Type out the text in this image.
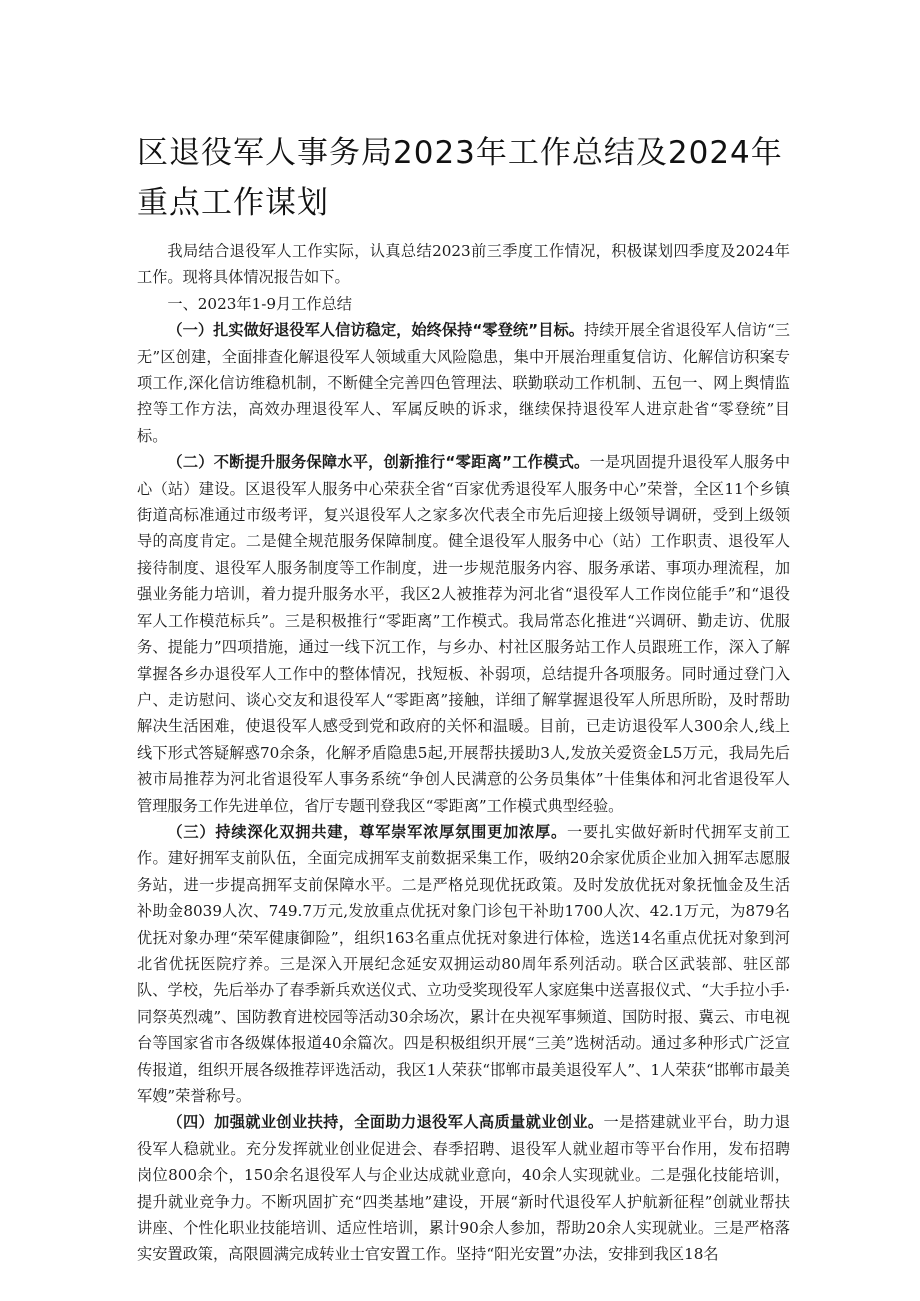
区退役军人事务局2023年工作总结及2024年重点工作谋划

我局结合退役军人工作实际，认真总结2023前三季度工作情况，积极谋划四季度及2024年工作。现将具体情况报告如下。

一、2023年1-9月工作总结

（一）扎实做好退役军人信访稳定，始终保持“零登统”目标。持续开展全省退役军人信访“三无”区创建，全面排查化解退役军人领域重大风险隐患，集中开展治理重复信访、化解信访积案专项工作,深化信访维稳机制，不断健全完善四色管理法、联勤联动工作机制、五包一、网上舆情监控等工作方法，高效办理退役军人、军属反映的诉求，继续保持退役军人进京赴省“零登统”目标。

（二）不断提升服务保障水平，创新推行“零距离”工作模式。一是巩固提升退役军人服务中心（站）建设。区退役军人服务中心荣获全省“百家优秀退役军人服务中心”荣誉，全区11个乡镇街道高标准通过市级考评，复兴退役军人之家多次代表全市先后迎接上级领导调研，受到上级领导的高度肯定。二是健全规范服务保障制度。健全退役军人服务中心（站）工作职责、退役军人接待制度、退役军人服务制度等工作制度，进一步规范服务内容、服务承诺、事项办理流程，加强业务能力培训，着力提升服务水平，我区2人被推荐为河北省“退役军人工作岗位能手”和“退役军人工作模范标兵”。三是积极推行“零距离”工作模式。我局常态化推进“兴调研、勤走访、优服务、提能力”四项措施，通过一线下沉工作，与乡办、村社区服务站工作人员跟班工作，深入了解掌握各乡办退役军人工作中的整体情况，找短板、补弱项，总结提升各项服务。同时通过登门入户、走访慰问、谈心交友和退役军人“零距离”接触，详细了解掌握退役军人所思所盼，及时帮助解决生活困难，使退役军人感受到党和政府的关怀和温暖。目前，已走访退役军人300余人,线上线下形式答疑解惑70余条，化解矛盾隐患5起,开展帮扶援助3人,发放关爱资金L5万元，我局先后被市局推荐为河北省退役军人事务系统“争创人民满意的公务员集体”十佳集体和河北省退役军人管理服务工作先进单位，省厅专题刊登我区“零距离”工作模式典型经验。

（三）持续深化双拥共建，尊军崇军浓厚氛围更加浓厚。一要扎实做好新时代拥军支前工作。建好拥军支前队伍，全面完成拥军支前数据采集工作，吸纳20余家优质企业加入拥军志愿服务站，进一步提高拥军支前保障水平。二是严格兑现优抚政策。及时发放优抚对象抚恤金及生活补助金8039人次、749.7万元,发放重点优抚对象门诊包干补助1700人次、42.1万元，为879名优抚对象办理“荣军健康御险”，组织163名重点优抚对象进行体检，选送14名重点优抚对象到河北省优抚医院疗养。三是深入开展纪念延安双拥运动80周年系列活动。联合区武装部、驻区部队、学校，先后举办了春季新兵欢送仪式、立功受奖现役军人家庭集中送喜报仪式、“大手拉小手·同祭英烈魂”、国防教育进校园等活动30余场次，累计在央视军事频道、国防时报、冀云、市电视台等国家省市各级媒体报道40余篇次。四是积极组织开展“三美”选树活动。通过多种形式广泛宣传报道，组织开展各级推荐评选活动，我区1人荣获“邯郸市最美退役军人”、1人荣获“邯郸市最美军嫂”荣誉称号。

（四）加强就业创业扶持，全面助力退役军人高质量就业创业。一是搭建就业平台，助力退役军人稳就业。充分发挥就业创业促进会、春季招聘、退役军人就业超市等平台作用，发布招聘岗位800余个，150余名退役军人与企业达成就业意向，40余人实现就业。二是强化技能培训，提升就业竞争力。不断巩固扩充“四类基地”建设，开展“新时代退役军人护航新征程”创就业帮扶讲座、个性化职业技能培训、适应性培训，累计90余人参加，帮助20余人实现就业。三是严格落实安置政策，高限圆满完成转业士官安置工作。坚持“阳光安置”办法，安排到我区18名
